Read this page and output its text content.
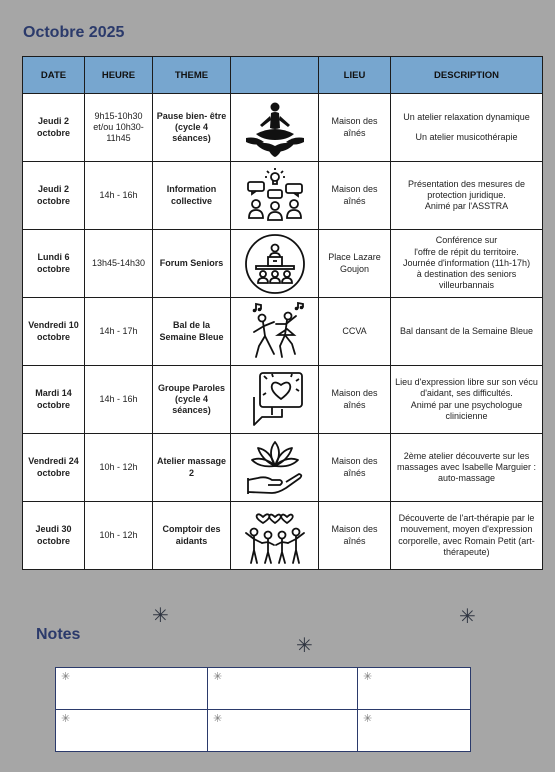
Octobre 2025
DATE	HEURE	THEME		LIEU	DESCRIPTION
Jeudi 2 octobre	9h15-10h30 et/ou 10h30-11h45	Pause bien- être (cycle 4 séances)		Maison des aînés	Un atelier relaxation dynamique
Un atelier musicothérapie

Jeudi 2 octobre	14h - 16h	Information collective		Maison des aînés	Présentation des mesures de protection juridique.
Animé par l'ASSTRA

Lundi 6 octobre	13h45-14h30	Forum Seniors		Place Lazare Goujon	Conférence sur
l'offre de répit du territoire.
Journée d'information (11h-17h)
à destination des seniors villeurbannais

Vendredi 10 octobre	14h - 17h	Bal de la Semaine Bleue		CCVA	Bal dansant de la Semaine Bleue

Mardi 14 octobre	14h - 16h	Groupe Paroles (cycle 4 séances)		Maison des aînés	Lieu d'expression libre sur son vécu d'aidant, ses difficultés.
Animé par une psychologue clinicienne

Vendredi 24 octobre	10h - 12h	Atelier massage 2		Maison des aînés	2ème atelier découverte sur les massages avec Isabelle Marguier : auto-massage

Jeudi 30 octobre	10h - 12h	Comptoir des aidants		Maison des aînés	Découverte de l'art-thérapie par le mouvement, moyen d'expression corporelle, avec Romain Petit (art-thérapeute)
✳	✳
✳
Notes
✳	✳	✳
✳	✳	✳
